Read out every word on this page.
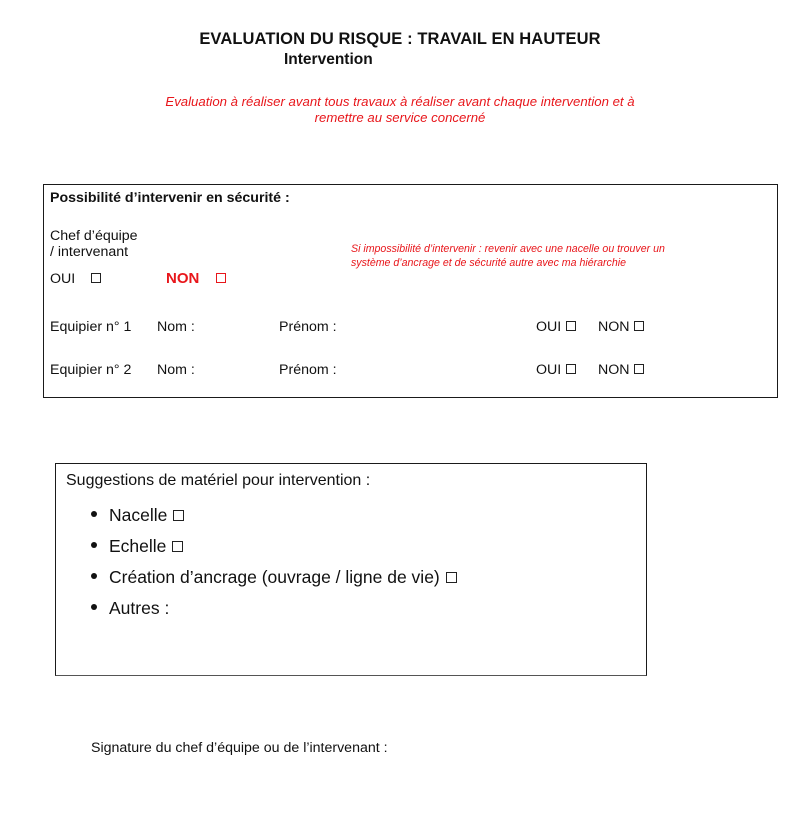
EVALUATION DU RISQUE : TRAVAIL EN HAUTEUR
Intervention
Evaluation à réaliser avant tous travaux à réaliser avant chaque intervention et à
remettre au service concerné
Possibilité d’intervenir en sécurité :
Chef d’équipe
/ intervenant
OUI	NON
Si impossibilité d’intervenir : revenir avec une nacelle ou trouver un
système d’ancrage et de sécurité autre avec ma hiérarchie
Equipier n° 1 Nom :	Prénom :	OUI	NON
Equipier n° 2 Nom :	Prénom :	OUI	NON
Suggestions de matériel pour intervention :
Nacelle
Echelle
Création d’ancrage (ouvrage / ligne de vie)
Autres :
Signature du chef d’équipe ou de l’intervenant :
